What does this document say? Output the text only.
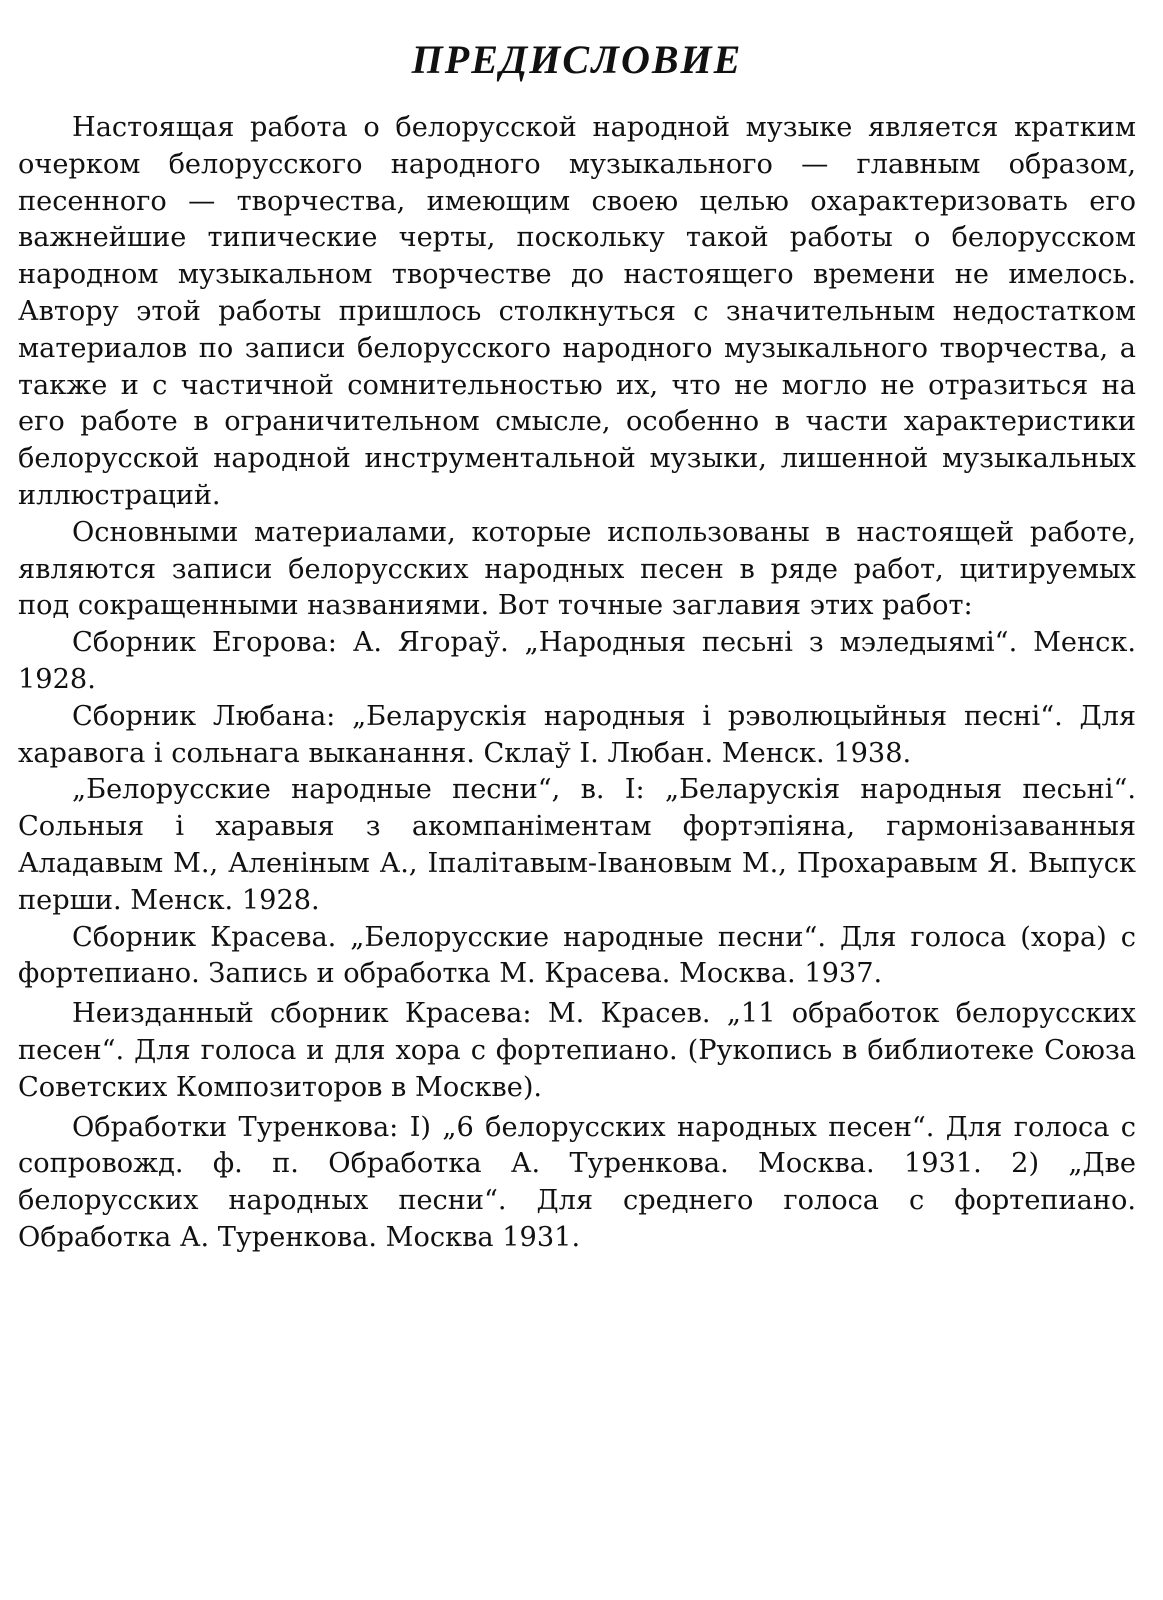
ПРЕДИСЛОВИЕ

Настоящая работа о белорусской народной музыке является кратким очерком белорусского народного музыкального — главным образом, песенного — творчества, имеющим своею целью охарактеризовать его важнейшие типические черты, поскольку такой работы о белорусском народном музыкальном творчестве до настоящего времени не имелось. Автору этой работы пришлось столкнуться с значительным недостатком материалов по записи белорусского народного музыкального творчества, а также и с частичной сомнительностью их, что не могло не отразиться на его работе в ограничительном смысле, особенно в части характеристики белорусской народной инструментальной музыки, лишенной музыкальных иллюстраций.

Основными материалами, которые использованы в настоящей работе, являются записи белорусских народных песен в ряде работ, цитируемых под сокращенными названиями. Вот точные заглавия этих работ:

Сборник Егорова: А. Ягораў. „Народныя песьні з мэледыямі“. Менск. 1928.

Сборник Любана: „Беларускія народныя і рэволюцыйныя песні“. Для харавога і сольнага выканання. Склаў І. Любан. Менск. 1938.

„Белорусские народные песни“, в. I: „Беларускія народныя песьні“. Сольныя і харавыя з акомпаніментам фортэпіяна, гармонізаванныя Аладавым М., Аленіным А., Іпалітавым-Івановым М., Прохаравым Я. Выпуск перши. Менск. 1928.

Сборник Красева. „Белорусские народные песни“. Для голоса (хора) с фортепиано. Запись и обработка М. Красева. Москва. 1937.

Неизданный сборник Красева: М. Красев. „11 обработок белорусских песен“. Для голоса и для хора с фортепиано. (Рукопись в библиотеке Союза Советских Композиторов в Москве).

Обработки Туренкова: I) „6 белорусских народных песен“. Для голоса с сопровожд. ф. п. Обработка А. Туренкова. Москва. 1931. 2) „Две белорусских народных песни“. Для среднего голоса с фортепиано. Обработка А. Туренкова. Москва 1931.
